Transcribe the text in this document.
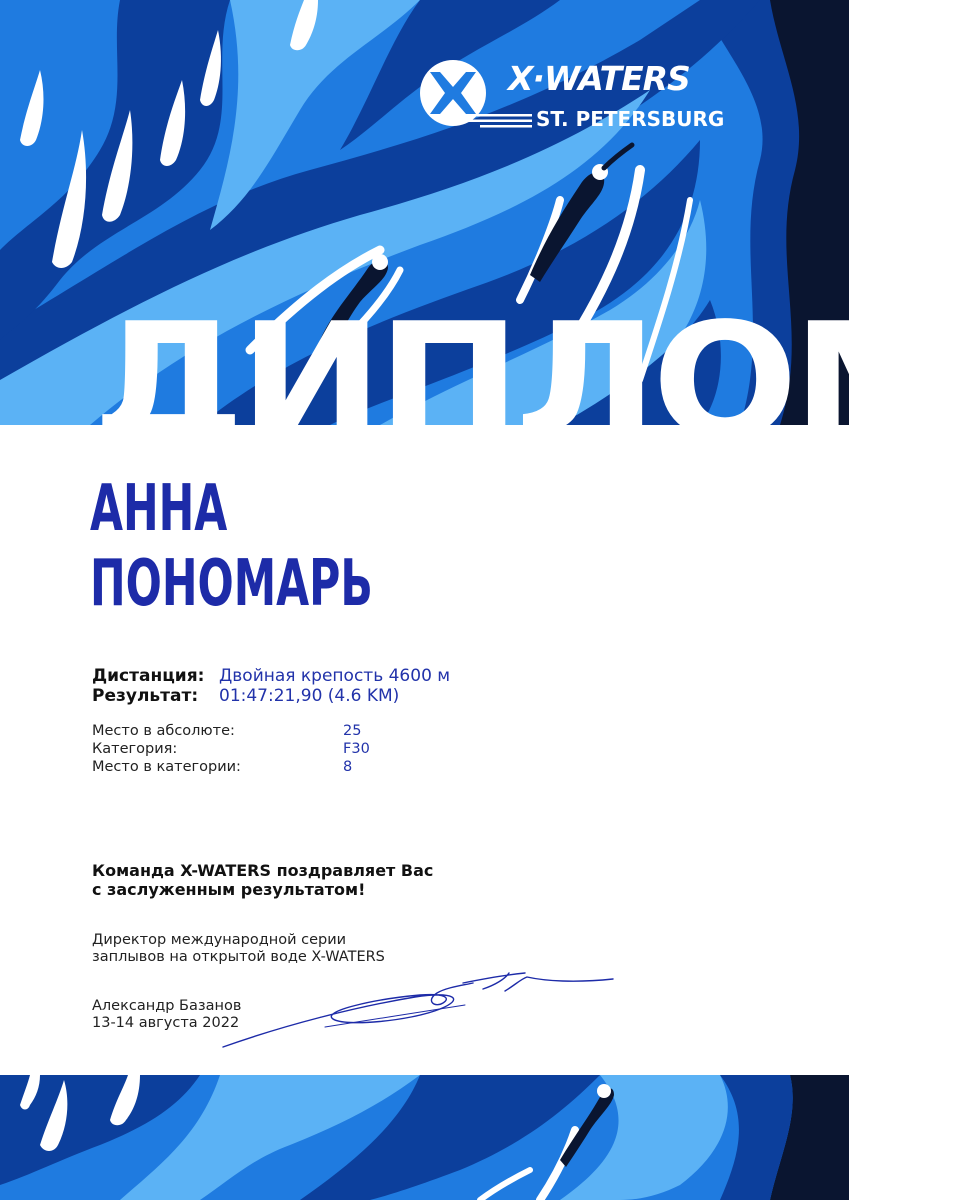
X·WATERS
ST. PETERSBURG
ДИПЛОМ
АННА
ПОНОМАРЬ
Дистанция: Двойная крепость 4600 м
Результат: 01:47:21,90 (4.6 KM)
Место в абсолюте:	25
Категория:	F30
Место в категории:	8
Команда X-WATERS поздравляет Вас
с заслуженным результатом!
Директор международной серии
заплывов на открытой воде X-WATERS
Александр Базанов
13-14 августа 2022
